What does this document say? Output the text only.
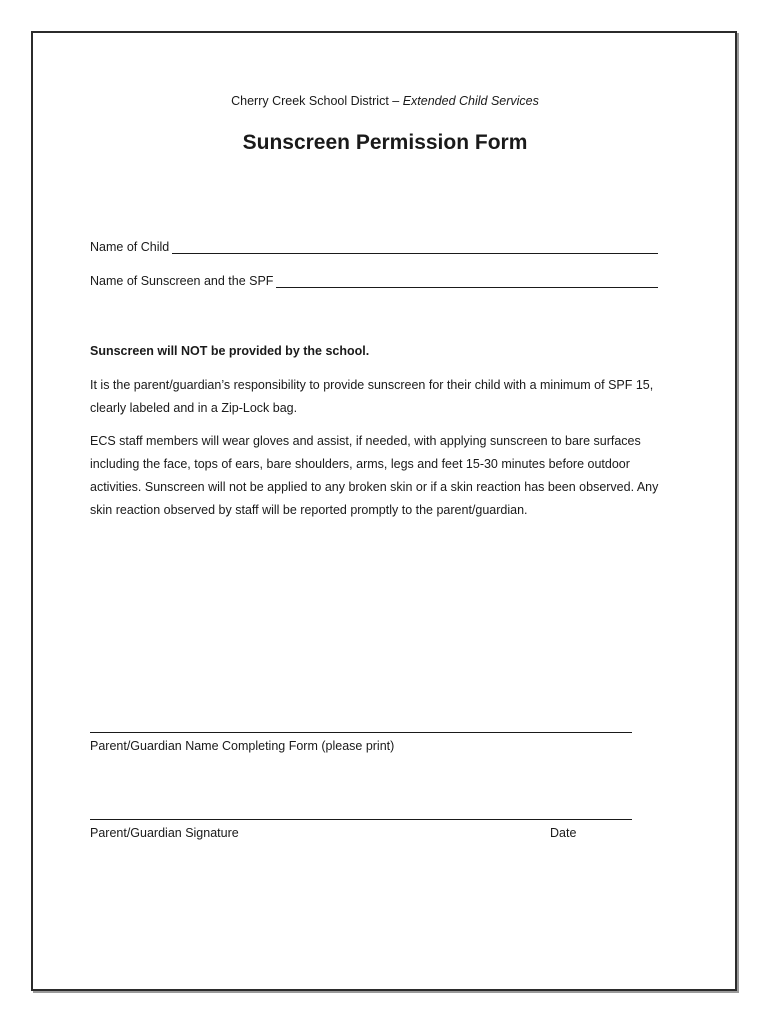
Cherry Creek School District – Extended Child Services
Sunscreen Permission Form
Name of Child
Name of Sunscreen and the SPF
Sunscreen will NOT be provided by the school.
It is the parent/guardian’s responsibility to provide sunscreen for their child with a minimum of SPF 15, clearly labeled and in a Zip-Lock bag.
ECS staff members will wear gloves and assist, if needed, with applying sunscreen to bare surfaces including the face, tops of ears, bare shoulders, arms, legs and feet 15-30 minutes before outdoor activities. Sunscreen will not be applied to any broken skin or if a skin reaction has been observed. Any skin reaction observed by staff will be reported promptly to the parent/guardian.
Parent/Guardian Name Completing Form (please print)
Parent/Guardian Signature	Date
